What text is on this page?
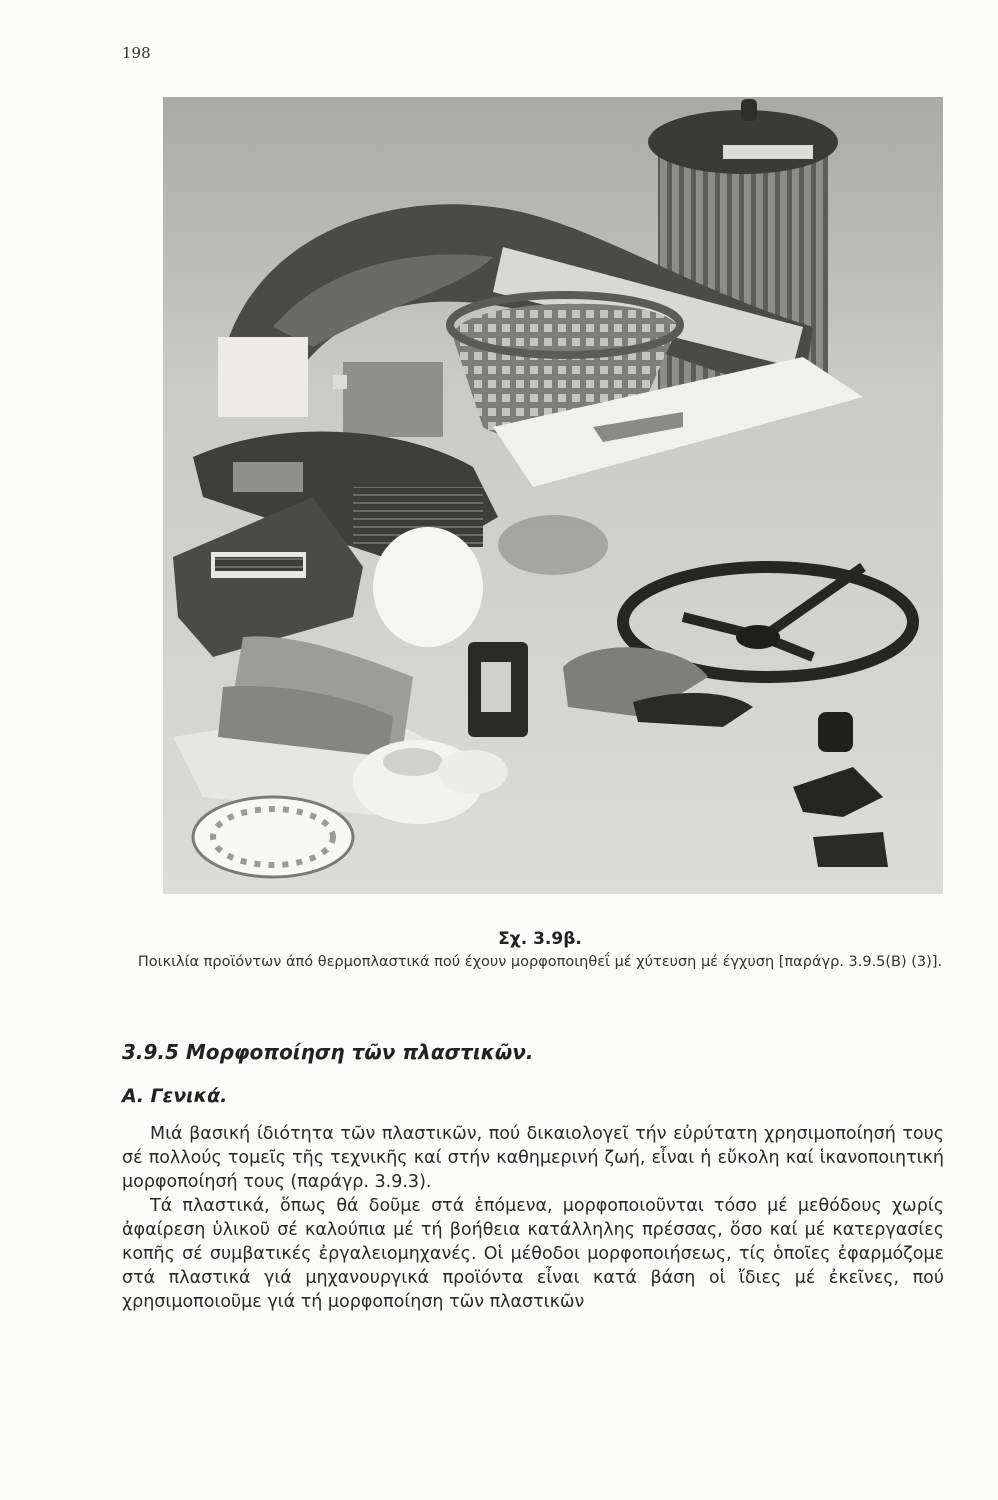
198
Σχ. 3.9β.
Ποικιλία προϊόντων άπό θερμοπλαστικά πού έχουν μορφοποιηθεΐ μέ χύτευση μέ έγχυση [παράγρ. 3.9.5(Β) (3)].
3.9.5 Μορφοποίηση τῶν πλαστικῶν.
Α. Γενικά.

Μιά βασική ίδιότητα τῶν πλαστικῶν, πού δικαιολογεῖ τήν εὐρύτατη χρησιμοποίησή τους σέ πολλούς τομεῖς τῆς τεχνικῆς καί στήν καθημερινή ζωή, εἶναι ἡ εὔκολη καί ἱκανοποιητική μορφοποίησή τους (παράγρ. 3.9.3).

Τά πλαστικά, ὅπως θά δοῦμε στά ἑπόμενα, μορφοποιοῦνται τόσο μέ μεθόδους χωρίς ἀφαίρεση ὑλικοῦ σέ καλούπια μέ τή βοήθεια κατάλληλης πρέσσας, ὅσο καί μέ κατεργασίες κοπῆς σέ συμβατικές ἐργαλειομηχανές. Οἱ μέθοδοι μορφοποιήσεως, τίς ὁποῖες ἐφαρμόζομε στά πλαστικά γιά μηχανουργικά προϊόντα εἶναι κατά βάση οἱ ἴδιες μέ ἐκεῖνες, πού χρησιμοποιοῦμε γιά τή μορφοποίηση τῶν πλαστικῶν
